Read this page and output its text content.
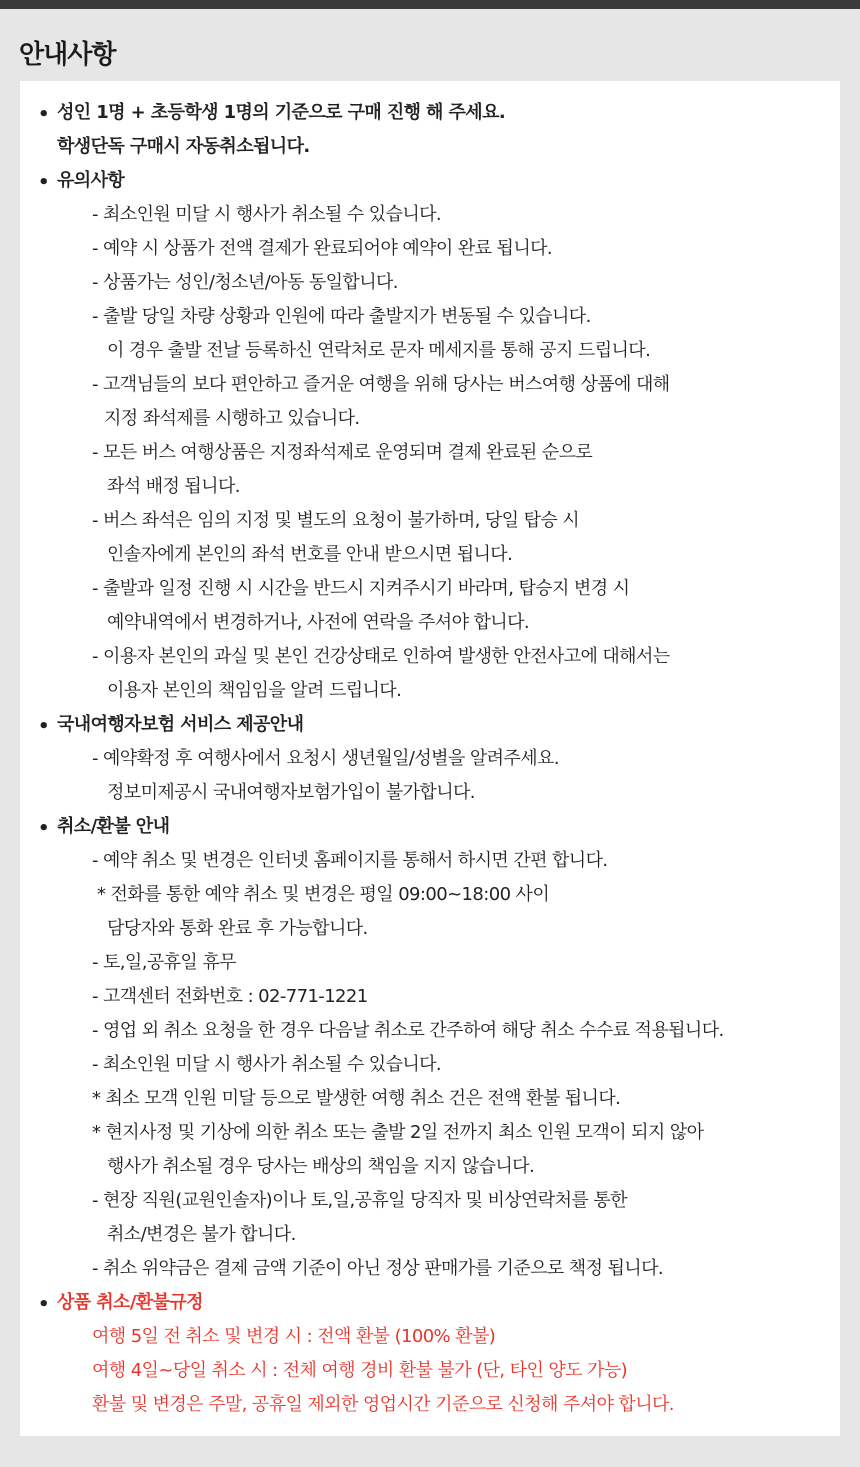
안내사항
• 성인 1명 + 초등학생 1명의 기준으로 구매 진행 해 주세요.
학생단독 구매시 자동취소됩니다.
• 유의사항
- 최소인원 미달 시 행사가 취소될 수 있습니다.
- 예약 시 상품가 전액 결제가 완료되어야 예약이 완료 됩니다.
- 상품가는 성인/청소년/아동 동일합니다.
- 출발 당일 차량 상황과 인원에 따라 출발지가 변동될 수 있습니다.
이 경우 출발 전날 등록하신 연락처로 문자 메세지를 통해 공지 드립니다.
- 고객님들의 보다 편안하고 즐거운 여행을 위해 당사는 버스여행 상품에 대해
지정 좌석제를 시행하고 있습니다.
- 모든 버스 여행상품은 지정좌석제로 운영되며 결제 완료된 순으로
좌석 배정 됩니다.
- 버스 좌석은 임의 지정 및 별도의 요청이 불가하며, 당일 탑승 시
인솔자에게 본인의 좌석 번호를 안내 받으시면 됩니다.
- 출발과 일정 진행 시 시간을 반드시 지켜주시기 바라며, 탑승지 변경 시
예약내역에서 변경하거나, 사전에 연락을 주셔야 합니다.
- 이용자 본인의 과실 및 본인 건강상태로 인하여 발생한 안전사고에 대해서는
이용자 본인의 책임임을 알려 드립니다.
• 국내여행자보험 서비스 제공안내
- 예약확정 후 여행사에서 요청시 생년월일/성별을 알려주세요.
정보미제공시 국내여행자보험가입이 불가합니다.
• 취소/환불 안내
- 예약 취소 및 변경은 인터넷 홈페이지를 통해서 하시면 간편 합니다.
* 전화를 통한 예약 취소 및 변경은 평일 09:00~18:00 사이
담당자와 통화 완료 후 가능합니다.
- 토,일,공휴일 휴무
- 고객센터 전화번호 : 02-771-1221
- 영업 외 취소 요청을 한 경우 다음날 취소로 간주하여 해당 취소 수수료 적용됩니다.
- 최소인원 미달 시 행사가 취소될 수 있습니다.
* 최소 모객 인원 미달 등으로 발생한 여행 취소 건은 전액 환불 됩니다.
* 현지사정 및 기상에 의한 취소 또는 출발 2일 전까지 최소 인원 모객이 되지 않아
행사가 취소될 경우 당사는 배상의 책임을 지지 않습니다.
- 현장 직원(교원인솔자)이나 토,일,공휴일 당직자 및 비상연락처를 통한
취소/변경은 불가 합니다.
- 취소 위약금은 결제 금액 기준이 아닌 정상 판매가를 기준으로 책정 됩니다.
• 상품 취소/환불규정
여행 5일 전 취소 및 변경 시 : 전액 환불 (100% 환불)
여행 4일~당일 취소 시 : 전체 여행 경비 환불 불가 (단, 타인 양도 가능)
환불 및 변경은 주말, 공휴일 제외한 영업시간 기준으로 신청해 주셔야 합니다.
